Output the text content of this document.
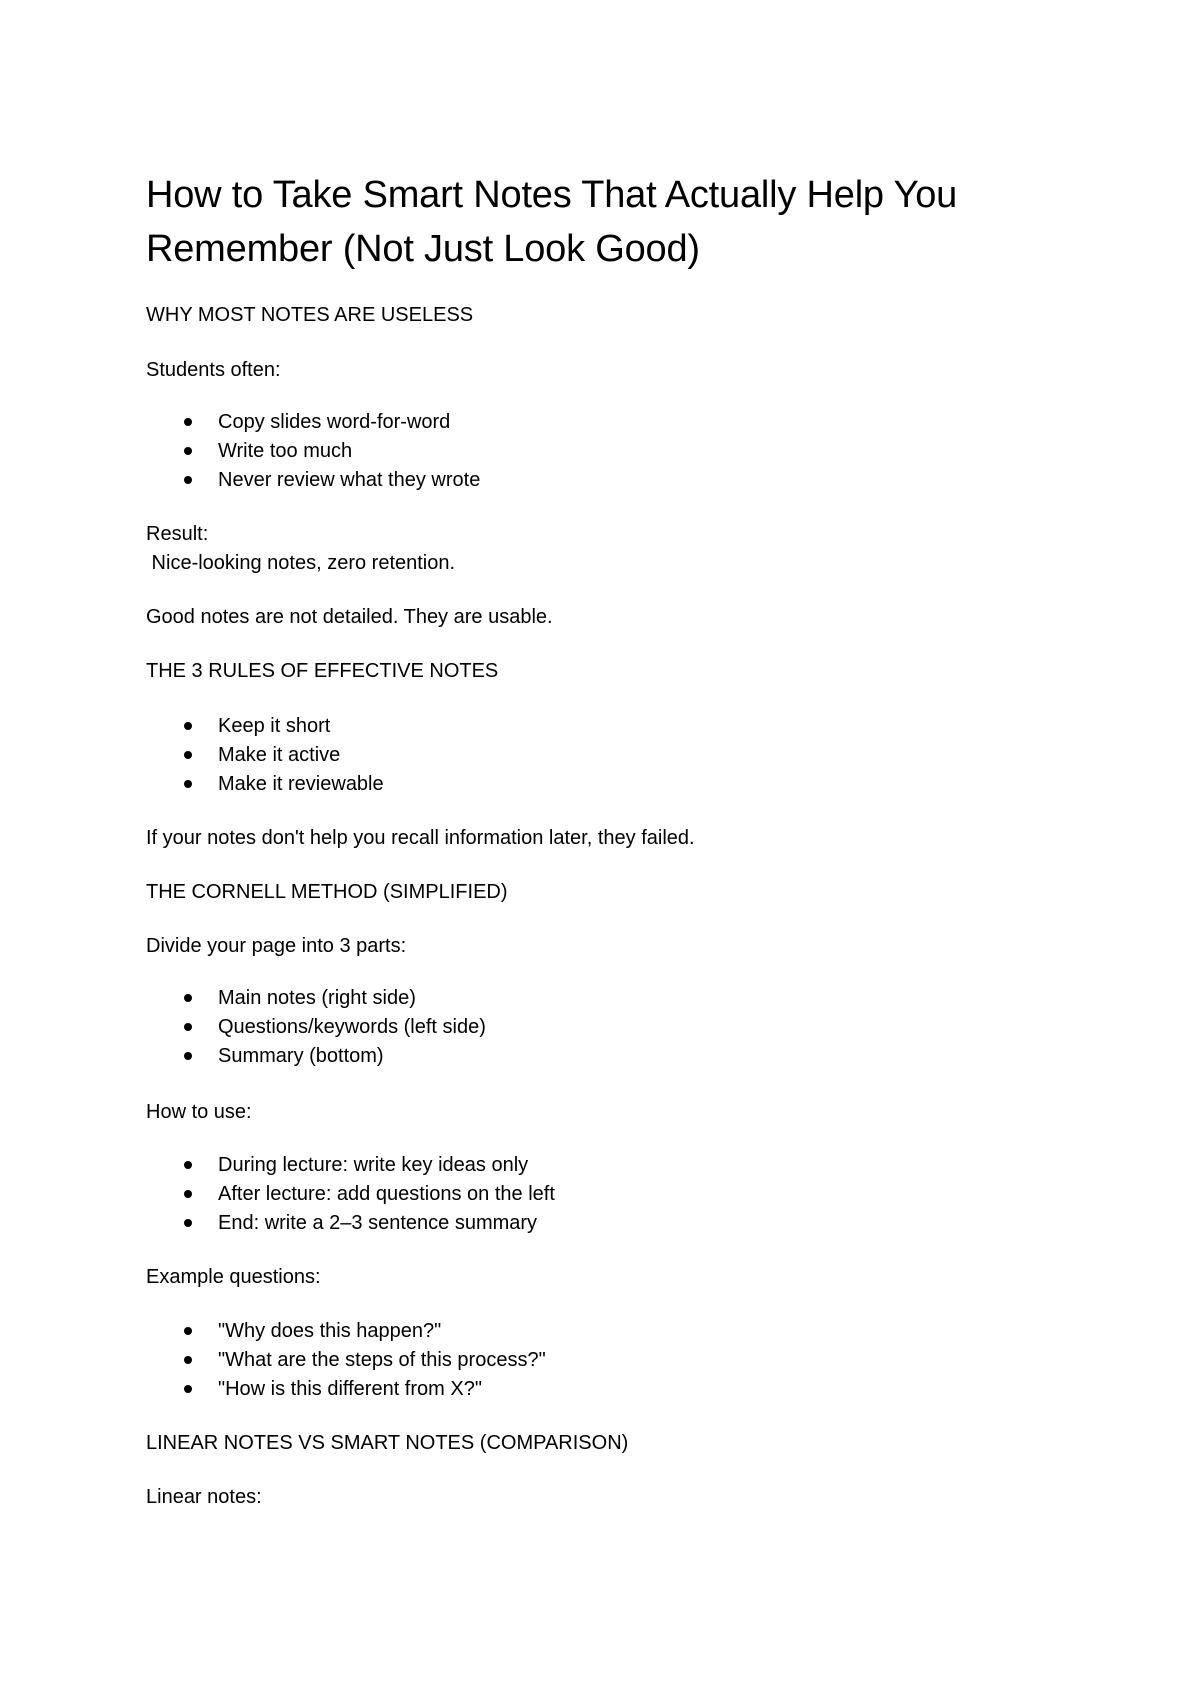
How to Take Smart Notes That Actually Help You Remember (Not Just Look Good)

WHY MOST NOTES ARE USELESS

Students often:

Copy slides word-for-word
Write too much
Never review what they wrote

Result:

Nice-looking notes, zero retention.

Good notes are not detailed. They are usable.

THE 3 RULES OF EFFECTIVE NOTES

Keep it short
Make it active
Make it reviewable

If your notes don't help you recall information later, they failed.

THE CORNELL METHOD (SIMPLIFIED)

Divide your page into 3 parts:

Main notes (right side)
Questions/keywords (left side)
Summary (bottom)

How to use:

During lecture: write key ideas only
After lecture: add questions on the left
End: write a 2–3 sentence summary

Example questions:

"Why does this happen?"
"What are the steps of this process?"
"How is this different from X?"

LINEAR NOTES VS SMART NOTES (COMPARISON)

Linear notes:
